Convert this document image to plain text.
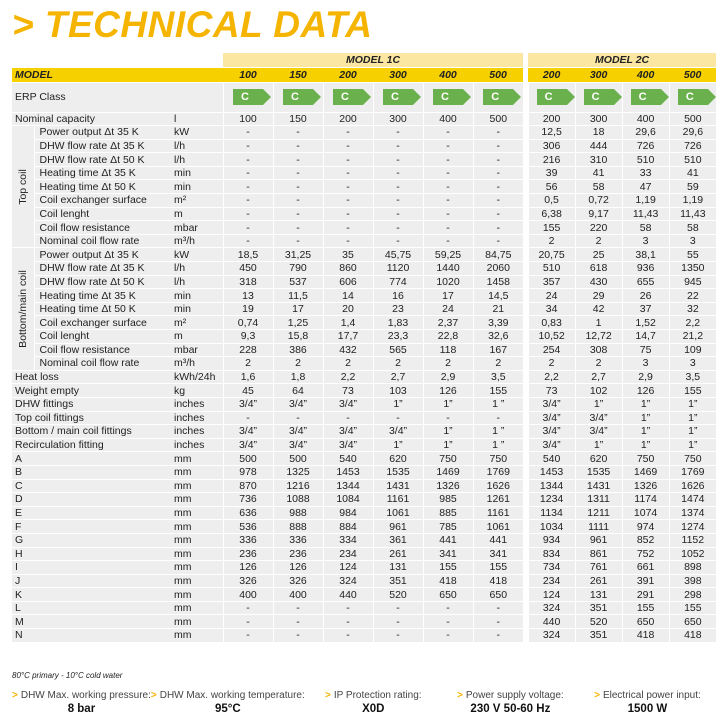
> TECHNICAL DATA
			MODEL 1C							MODEL 2C			
MODEL			100	150	200	300	400	500		200	300	400	500
ERP Class			C	C	C	C	C	C		C	C	C	C
Nominal capacity		l	100	150	200	300	400	500		200	300	400	500

Top coil	Power output Δt 35 K	kW	-	-	-	-	-	-		12,5	18	29,6	29,6
	DHW flow rate Δt 35 K	l/h	-	-	-	-	-	-		306	444	726	726
	DHW flow rate Δt 50 K	l/h	-	-	-	-	-	-		216	310	510	510
	Heating time Δt 35 K	min	-	-	-	-	-	-		39	41	33	41
	Heating time Δt 50 K	min	-	-	-	-	-	-		56	58	47	59
	Coil exchanger surface	m²	-	-	-	-	-	-		0,5	0,72	1,19	1,19
	Coil lenght	m	-	-	-	-	-	-		6,38	9,17	11,43	11,43
	Coil flow resistance	mbar	-	-	-	-	-	-		155	220	58	58
	Nominal coil flow rate	m³/h	-	-	-	-	-	-		2	2	3	3

Bottom/main coil	Power output Δt 35 K	kW	18,5	31,25	35	45,75	59,25	84,75		20,75	25	38,1	55
	DHW flow rate Δt 35 K	l/h	450	790	860	1120	1440	2060		510	618	936	1350
	DHW flow rate Δt 50 K	l/h	318	537	606	774	1020	1458		357	430	655	945
	Heating time Δt 35 K	min	13	11,5	14	16	17	14,5		24	29	26	22
	Heating time Δt 50 K	min	19	17	20	23	24	21		34	42	37	32
	Coil exchanger surface	m²	0,74	1,25	1,4	1,83	2,37	3,39		0,83	1	1,52	2,2
	Coil lenght	m	9,3	15,8	17,7	23,3	22,8	32,6		10,52	12,72	14,7	21,2
	Coil flow resistance	mbar	228	386	432	565	118	167		254	308	75	109
	Nominal coil flow rate	m³/h	2	2	2	2	2	2		2	2	3	3
Heat loss		kWh/24h	1,6	1,8	2,2	2,7	2,9	3,5		2,2	2,7	2,9	3,5
Weight empty		kg	45	64	73	103	126	155		73	102	126	155
DHW fittings		inches	3/4”	3/4”	3/4”	1”	1”	1 ”		3/4”	1”	1”	1”
Top coil fittings		inches	-	-	-	-	-	-		3/4”	3/4”	1”	1”
Bottom / main coil fittings		inches	3/4”	3/4”	3/4”	3/4”	1”	1 ”		3/4”	3/4”	1”	1”
Recirculation fitting		inches	3/4”	3/4”	3/4”	1”	1”	1 ”		3/4”	1”	1”	1”
A		mm	500	500	540	620	750	750		540	620	750	750
B		mm	978	1325	1453	1535	1469	1769		1453	1535	1469	1769
C		mm	870	1216	1344	1431	1326	1626		1344	1431	1326	1626
D		mm	736	1088	1084	1161	985	1261		1234	1311	1174	1474
E		mm	636	988	984	1061	885	1161		1134	1211	1074	1374
F		mm	536	888	884	961	785	1061		1034	1111	974	1274
G		mm	336	336	334	361	441	441		934	961	852	1152
H		mm	236	236	234	261	341	341		834	861	752	1052
I		mm	126	126	124	131	155	155		734	761	661	898
J		mm	326	326	324	351	418	418		234	261	391	398
K		mm	400	400	440	520	650	650		124	131	291	298
L		mm	-	-	-	-	-	-		324	351	155	155
M		mm	-	-	-	-	-	-		440	520	650	650
N		mm	-	-	-	-	-	-		324	351	418	418
80°C primary - 10°C cold water
> DHW Max. working pressure:
8 bar
> DHW Max. working temperature:
95°C
> IP Protection rating:
X0D
> Power supply voltage:
230 V 50-60 Hz
> Electrical power input:
1500 W
